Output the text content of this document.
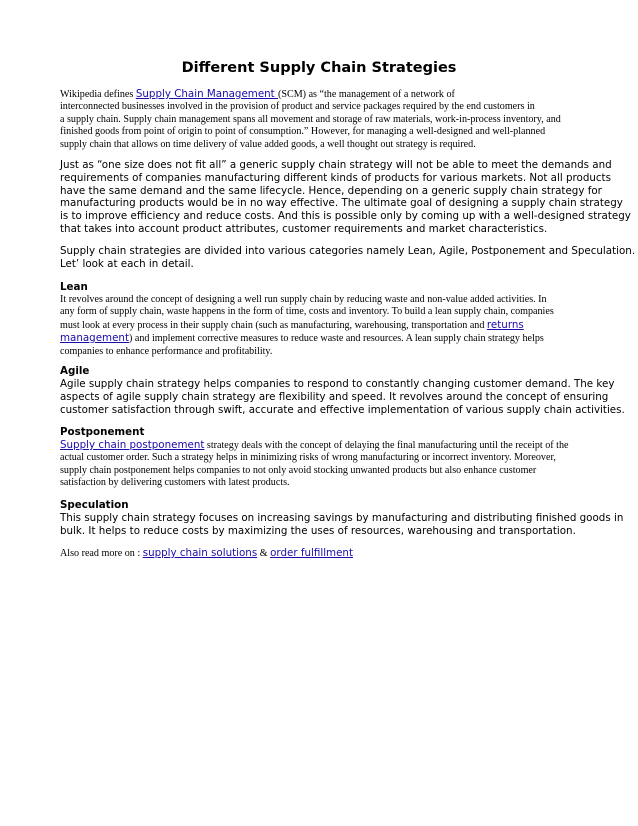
Different Supply Chain Strategies
Wikipedia defines Supply Chain Management (SCM) as “the management of a network of
interconnected businesses involved in the provision of product and service packages required by the end customers in
a supply chain. Supply chain management spans all movement and storage of raw materials, work-in-process inventory, and
finished goods from point of origin to point of consumption.” However, for managing a well-designed and well-planned
supply chain that allows on time delivery of value added goods, a well thought out strategy is required.
Just as “one size does not fit all” a generic supply chain strategy will not be able to meet the demands and
requirements of companies manufacturing different kinds of products for various markets. Not all products
have the same demand and the same lifecycle. Hence, depending on a generic supply chain strategy for
manufacturing products would be in no way effective. The ultimate goal of designing a supply chain strategy
is to improve efficiency and reduce costs. And this is possible only by coming up with a well-designed strategy
that takes into account product attributes, customer requirements and market characteristics.
Supply chain strategies are divided into various categories namely Lean, Agile, Postponement and Speculation.
Let’ look at each in detail.
Lean
It revolves around the concept of designing a well run supply chain by reducing waste and non-value added activities. In
any form of supply chain, waste happens in the form of time, costs and inventory. To build a lean supply chain, companies
must look at every process in their supply chain (such as manufacturing, warehousing, transportation and returns
management) and implement corrective measures to reduce waste and resources. A lean supply chain strategy helps
companies to enhance performance and profitability.
Agile
Agile supply chain strategy helps companies to respond to constantly changing customer demand. The key
aspects of agile supply chain strategy are flexibility and speed. It revolves around the concept of ensuring
customer satisfaction through swift, accurate and effective implementation of various supply chain activities.
Postponement
Supply chain postponement strategy deals with the concept of delaying the final manufacturing until the receipt of the
actual customer order. Such a strategy helps in minimizing risks of wrong manufacturing or incorrect inventory. Moreover,
supply chain postponement helps companies to not only avoid stocking unwanted products but also enhance customer
satisfaction by delivering customers with latest products.
Speculation
This supply chain strategy focuses on increasing savings by manufacturing and distributing finished goods in
bulk. It helps to reduce costs by maximizing the uses of resources, warehousing and transportation.
Also read more on : supply chain solutions & order fulfillment
